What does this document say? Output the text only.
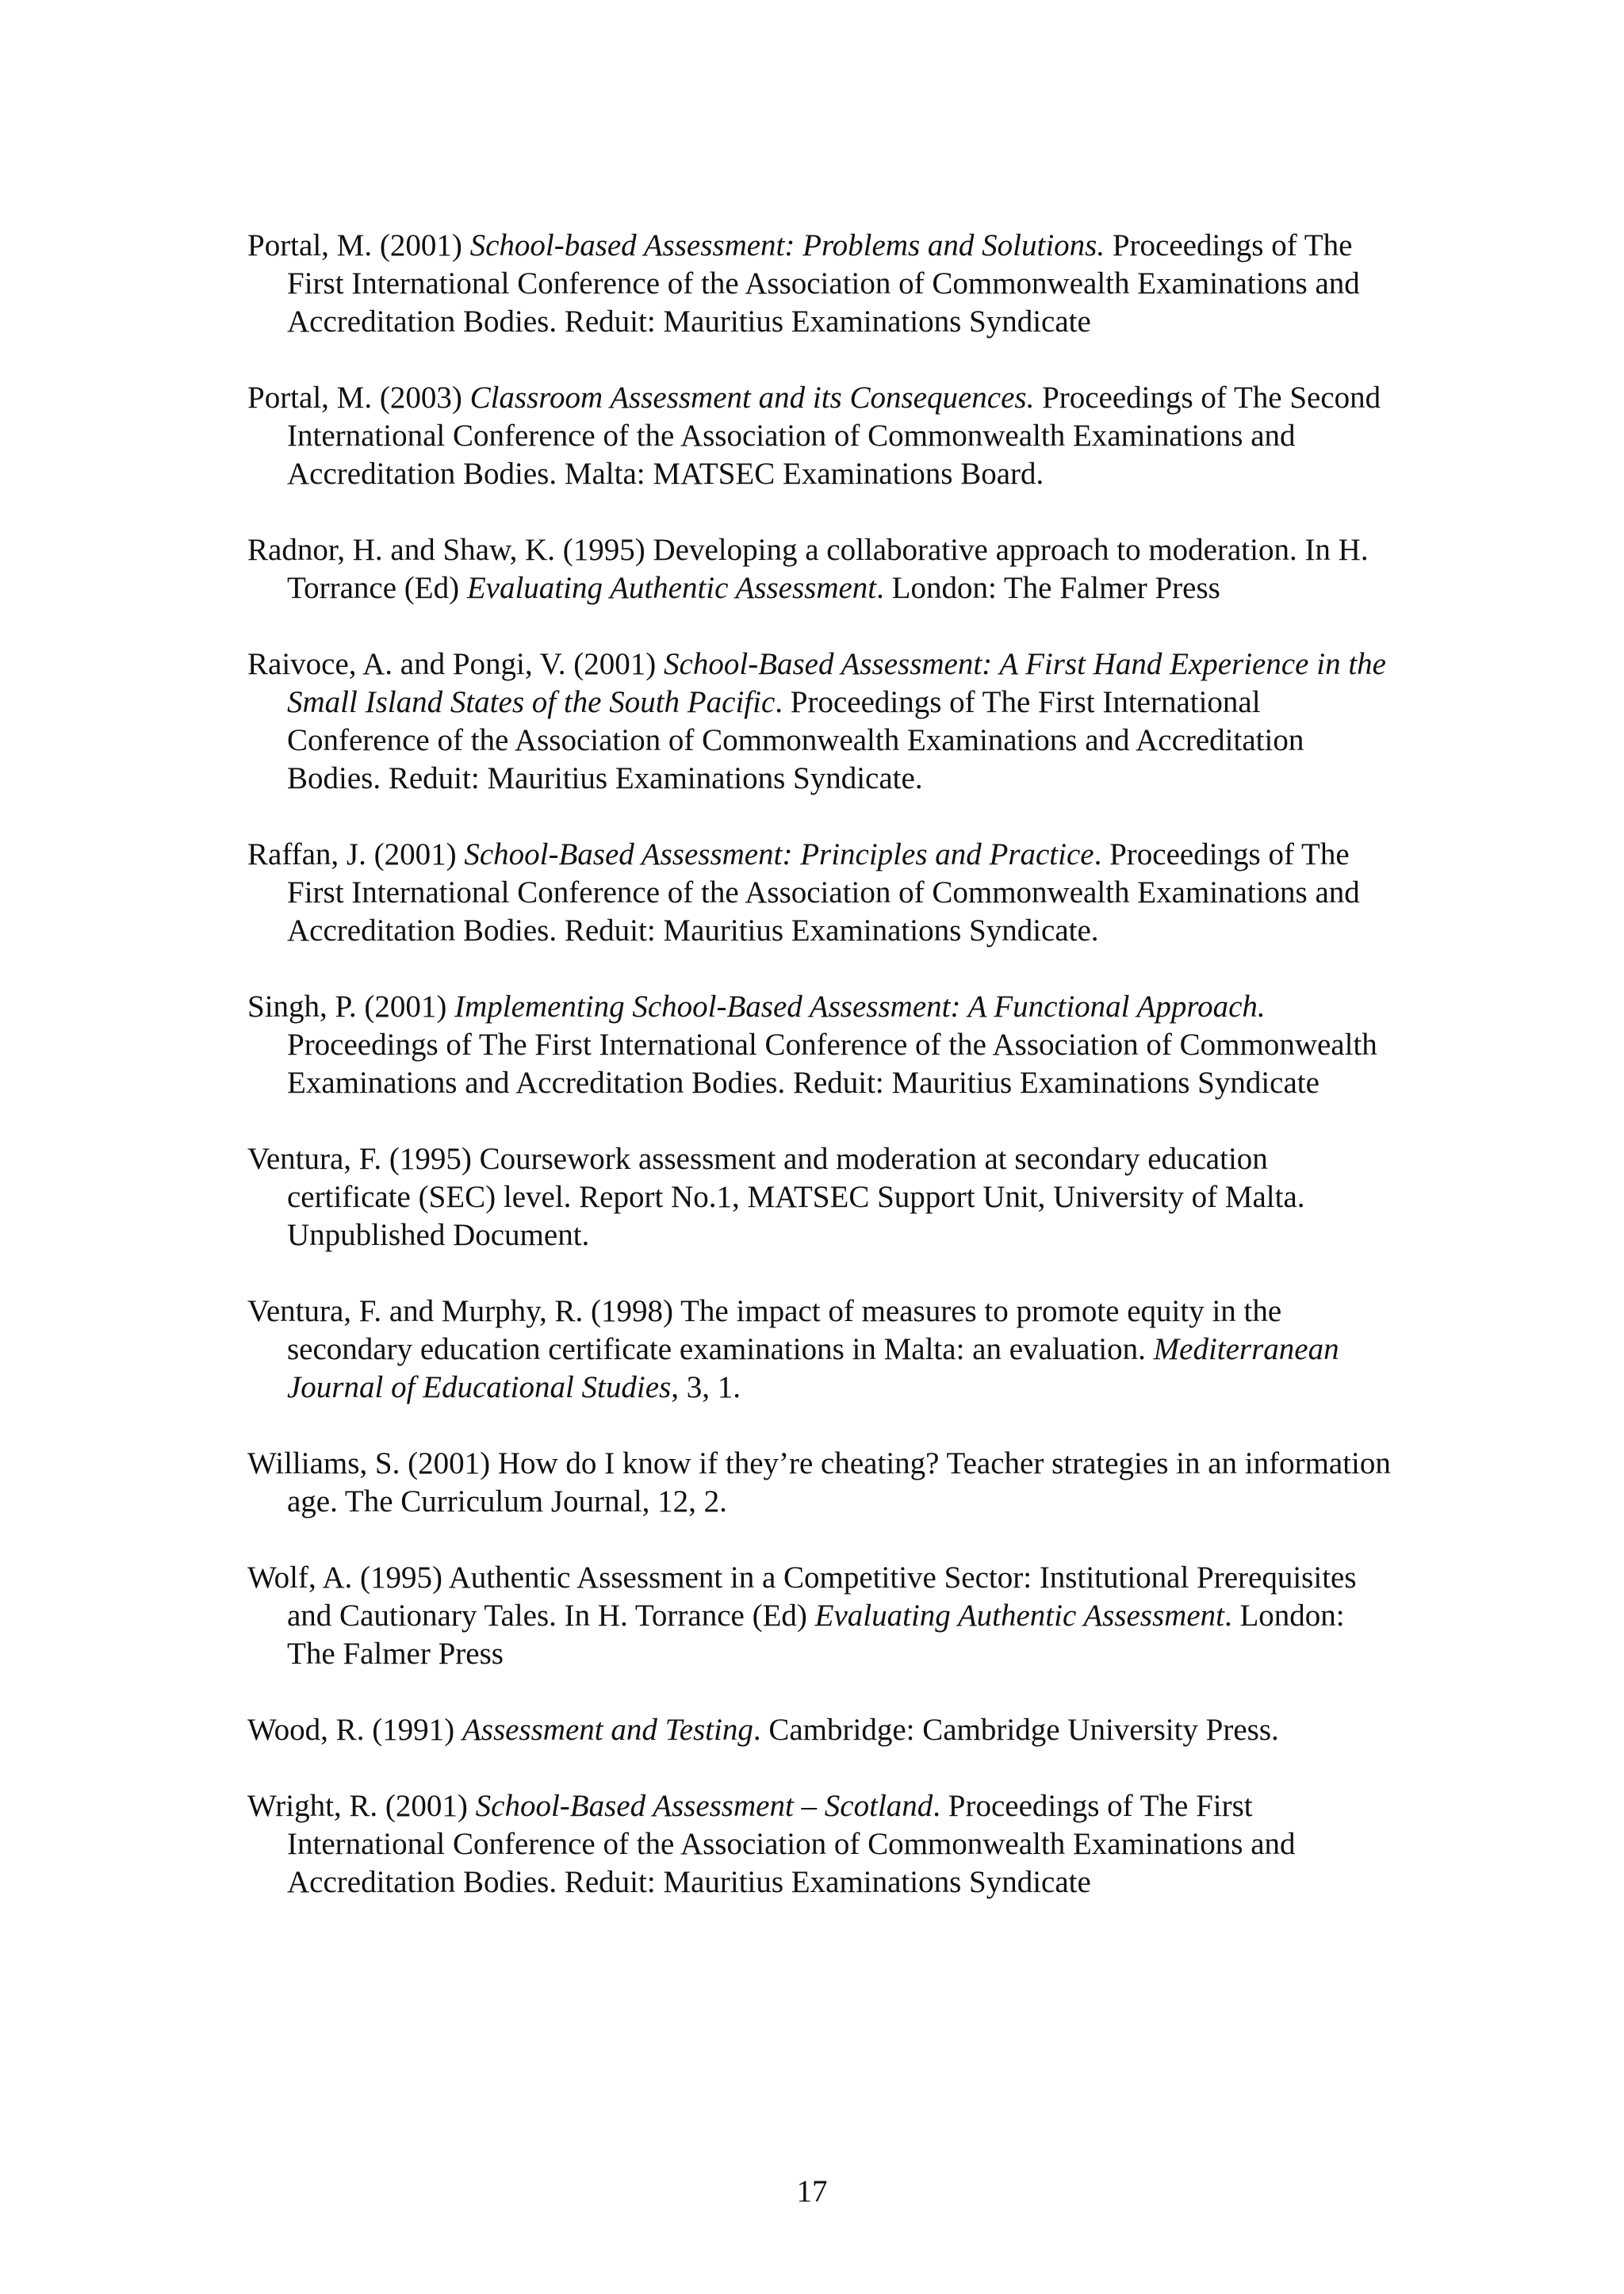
Portal, M. (2001) School-based Assessment: Problems and Solutions. Proceedings of The First International Conference of the Association of Commonwealth Examinations and Accreditation Bodies. Reduit: Mauritius Examinations Syndicate
Portal, M. (2003) Classroom Assessment and its Consequences. Proceedings of The Second International Conference of the Association of Commonwealth Examinations and Accreditation Bodies. Malta: MATSEC Examinations Board.
Radnor, H. and Shaw, K. (1995) Developing a collaborative approach to moderation. In H. Torrance (Ed) Evaluating Authentic Assessment. London: The Falmer Press
Raivoce, A. and Pongi, V. (2001) School-Based Assessment: A First Hand Experience in the Small Island States of the South Pacific. Proceedings of The First International Conference of the Association of Commonwealth Examinations and Accreditation Bodies. Reduit: Mauritius Examinations Syndicate.
Raffan, J. (2001) School-Based Assessment: Principles and Practice. Proceedings of The First International Conference of the Association of Commonwealth Examinations and Accreditation Bodies. Reduit: Mauritius Examinations Syndicate.
Singh, P. (2001) Implementing School-Based Assessment: A Functional Approach. Proceedings of The First International Conference of the Association of Commonwealth Examinations and Accreditation Bodies. Reduit: Mauritius Examinations Syndicate
Ventura, F. (1995) Coursework assessment and moderation at secondary education certificate (SEC) level. Report No.1, MATSEC Support Unit, University of Malta. Unpublished Document.
Ventura, F. and Murphy, R. (1998) The impact of measures to promote equity in the secondary education certificate examinations in Malta: an evaluation. Mediterranean Journal of Educational Studies, 3, 1.
Williams, S. (2001) How do I know if they’re cheating? Teacher strategies in an information age. The Curriculum Journal, 12, 2.
Wolf, A. (1995) Authentic Assessment in a Competitive Sector: Institutional Prerequisites and Cautionary Tales. In H. Torrance (Ed) Evaluating Authentic Assessment. London: The Falmer Press
Wood, R. (1991) Assessment and Testing. Cambridge: Cambridge University Press.
Wright, R. (2001) School-Based Assessment – Scotland. Proceedings of The First International Conference of the Association of Commonwealth Examinations and Accreditation Bodies. Reduit: Mauritius Examinations Syndicate
17
